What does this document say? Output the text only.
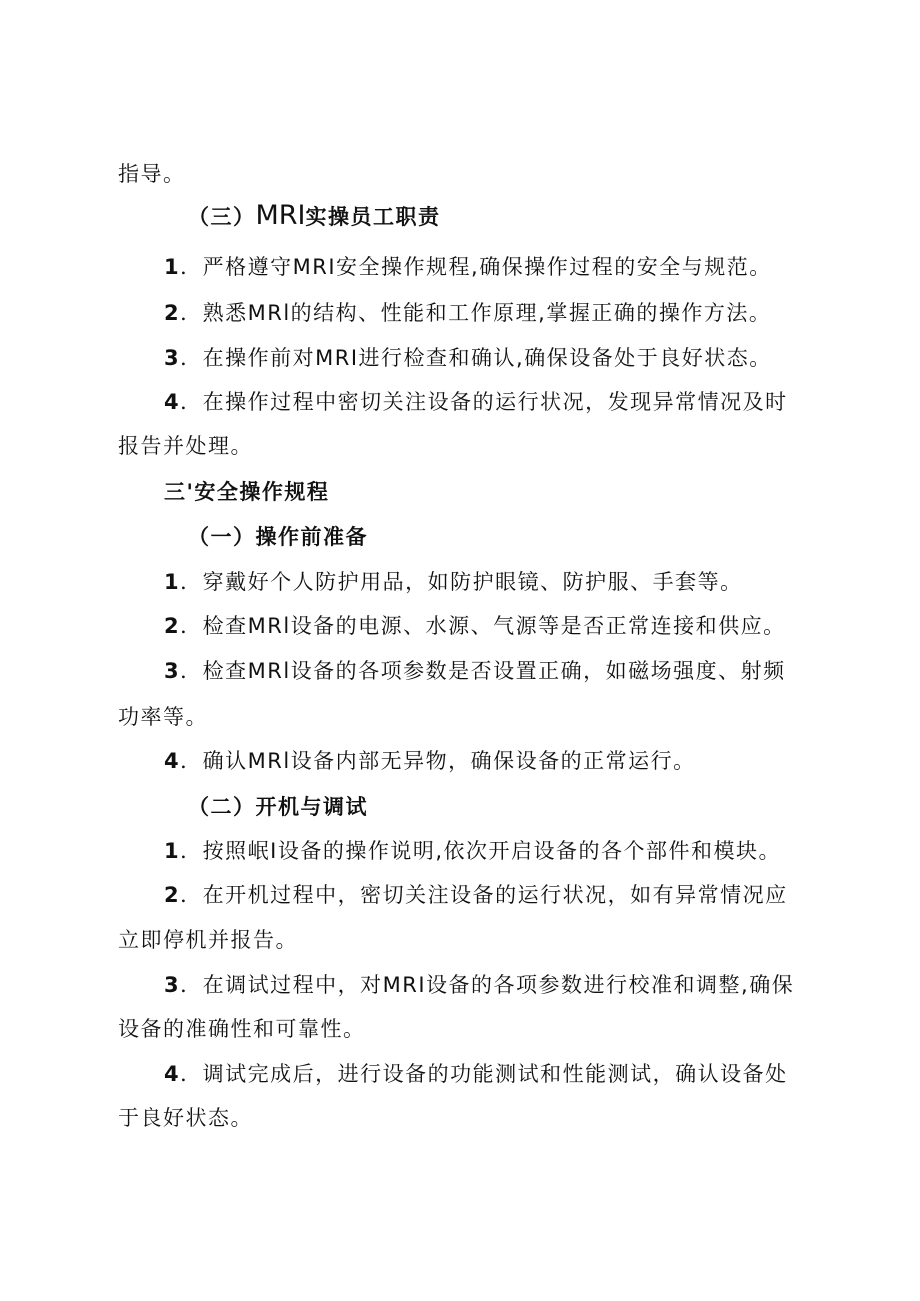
指导。
（三）MRI实操员工职责
1．严格遵守MRI安全操作规程,确保操作过程的安全与规范。
2．熟悉MRl的结构、性能和工作原理,掌握正确的操作方法。
3．在操作前对MRI进行检查和确认,确保设备处于良好状态。
4．在操作过程中密切关注设备的运行状况，发现异常情况及时
报告并处理。
三'安全操作规程
（一）操作前准备
1．穿戴好个人防护用品，如防护眼镜、防护服、手套等。
2．检查MRl设备的电源、水源、气源等是否正常连接和供应。
3．检查MRl设备的各项参数是否设置正确，如磁场强度、射频
功率等。
4．确认MRl设备内部无异物，确保设备的正常运行。
（二）开机与调试
1．按照岷I设备的操作说明,依次开启设备的各个部件和模块。
2．在开机过程中，密切关注设备的运行状况，如有异常情况应
立即停机并报告。
3．在调试过程中，对MRI设备的各项参数进行校准和调整,确保
设备的准确性和可靠性。
4．调试完成后，进行设备的功能测试和性能测试，确认设备处
于良好状态。
